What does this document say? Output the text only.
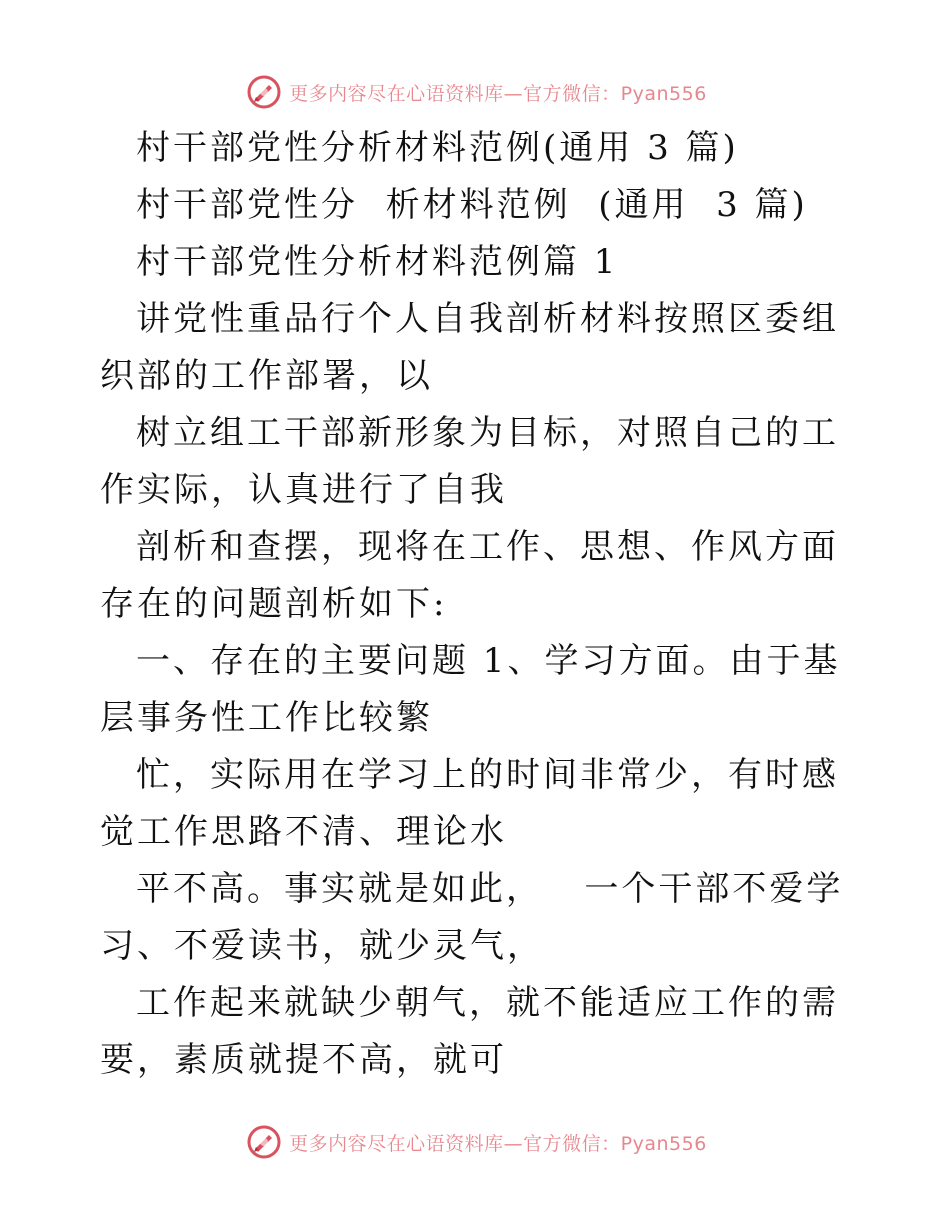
更多内容尽在心语资料库—官方微信：Pyan556

村干部党性分析材料范例(通用 3 篇)

村干部党性分  析材料范例  (通用  3 篇)

村干部党性分析材料范例篇 1

讲党性重品行个人自我剖析材料按照区委组织部的工作部署，以

树立组工干部新形象为目标，对照自己的工作实际，认真进行了自我

剖析和查摆，现将在工作、思想、作风方面存在的问题剖析如下:

一、存在的主要问题 1、学习方面。由于基层事务性工作比较繁

忙，实际用在学习上的时间非常少，有时感觉工作思路不清、理论水

平不高。事实就是如此，   一个干部不爱学习、不爱读书，就少灵气，

工作起来就缺少朝气，就不能适应工作的需要，素质就提不高，就可

更多内容尽在心语资料库—官方微信：Pyan556
